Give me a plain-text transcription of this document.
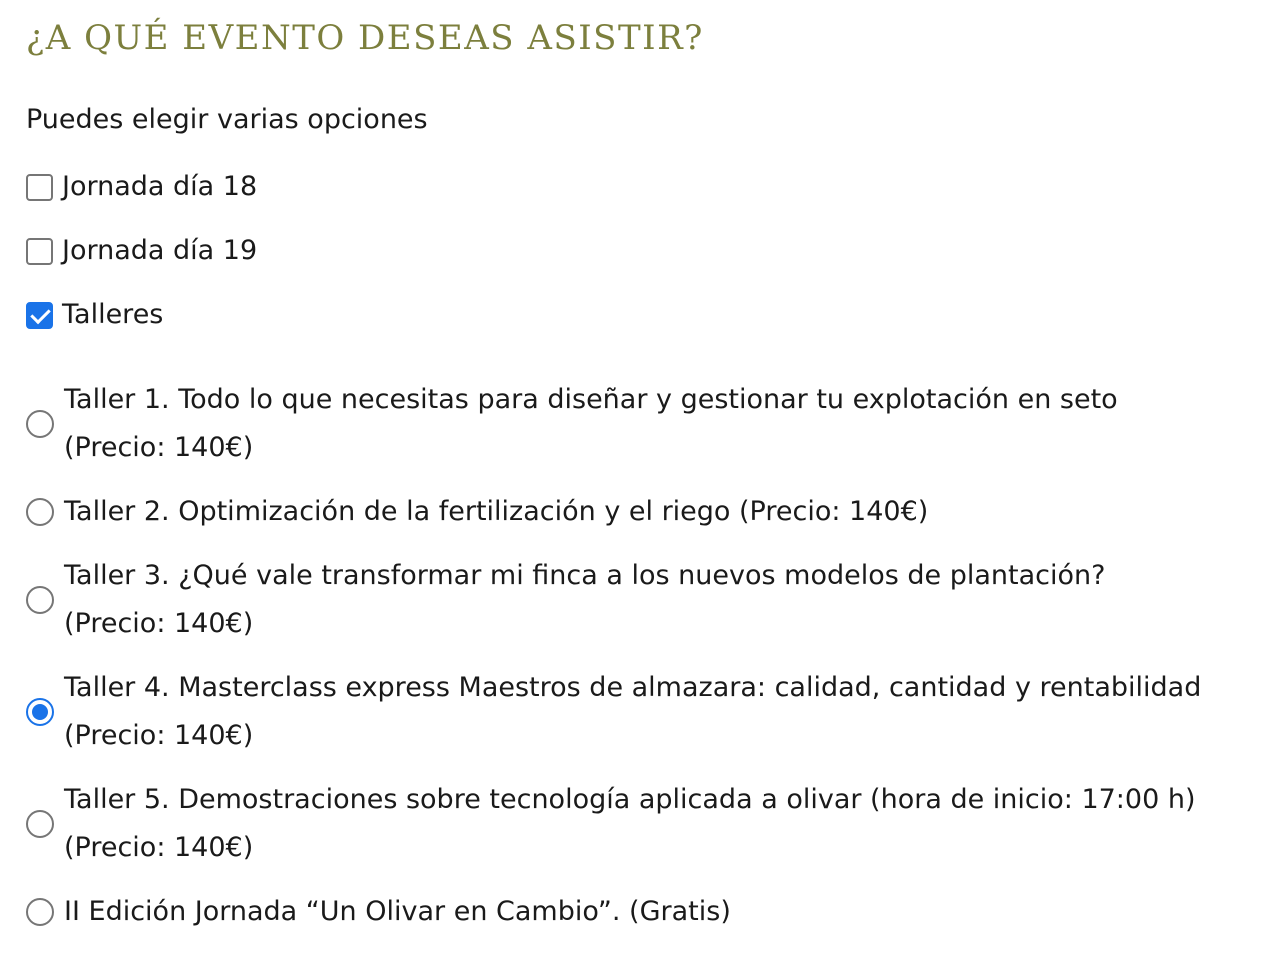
¿A QUÉ EVENTO DESEAS ASISTIR?
Puedes elegir varias opciones
Jornada día 18
Jornada día 19
Talleres
Taller 1. Todo lo que necesitas para diseñar y gestionar tu explotación en seto
(Precio: 140€)
Taller 2. Optimización de la fertilización y el riego (Precio: 140€)
Taller 3. ¿Qué vale transformar mi finca a los nuevos modelos de plantación?
(Precio: 140€)
Taller 4. Masterclass express Maestros de almazara: calidad, cantidad y rentabilidad
(Precio: 140€)
Taller 5. Demostraciones sobre tecnología aplicada a olivar (hora de inicio: 17:00 h)
(Precio: 140€)
II Edición Jornada “Un Olivar en Cambio”. (Gratis)
